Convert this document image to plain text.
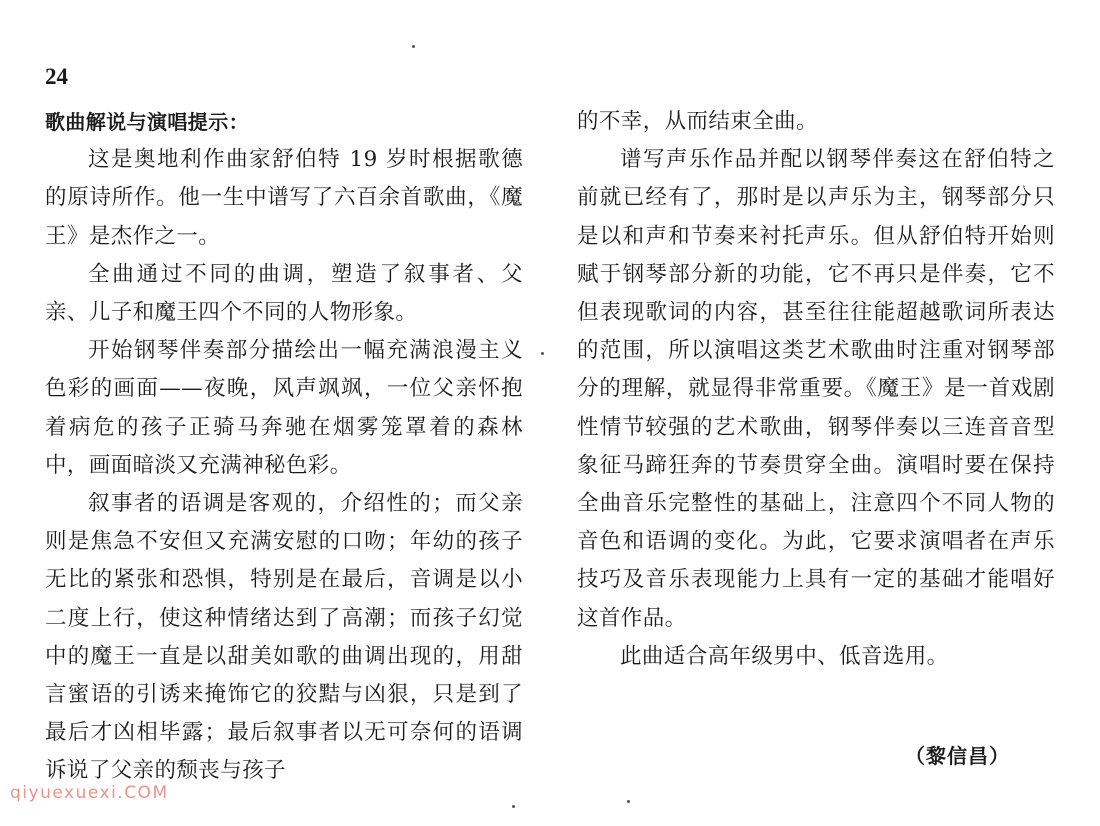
24

歌曲解说与演唱提示：

这是奥地利作曲家舒伯特 19 岁时根据歌德的原诗所作。他一生中谱写了六百余首歌曲，《魔王》是杰作之一。

全曲通过不同的曲调，塑造了叙事者、父亲、儿子和魔王四个不同的人物形象。

开始钢琴伴奏部分描绘出一幅充满浪漫主义色彩的画面——夜晚，风声飒飒，一位父亲怀抱着病危的孩子正骑马奔驰在烟雾笼罩着的森林中，画面暗淡又充满神秘色彩。

叙事者的语调是客观的，介绍性的；而父亲则是焦急不安但又充满安慰的口吻；年幼的孩子无比的紧张和恐惧，特别是在最后，音调是以小二度上行，使这种情绪达到了高潮；而孩子幻觉中的魔王一直是以甜美如歌的曲调出现的，用甜言蜜语的引诱来掩饰它的狡黠与凶狠，只是到了最后才凶相毕露；最后叙事者以无可奈何的语调诉说了父亲的颓丧与孩子

的不幸，从而结束全曲。

谱写声乐作品并配以钢琴伴奏这在舒伯特之前就已经有了，那时是以声乐为主，钢琴部分只是以和声和节奏来衬托声乐。但从舒伯特开始则赋于钢琴部分新的功能，它不再只是伴奏，它不但表现歌词的内容，甚至往往能超越歌词所表达的范围，所以演唱这类艺术歌曲时注重对钢琴部分的理解，就显得非常重要。《魔王》是一首戏剧性情节较强的艺术歌曲，钢琴伴奏以三连音音型象征马蹄狂奔的节奏贯穿全曲。演唱时要在保持全曲音乐完整性的基础上，注意四个不同人物的音色和语调的变化。为此，它要求演唱者在声乐技巧及音乐表现能力上具有一定的基础才能唱好这首作品。

此曲适合高年级男中、低音选用。

（黎信昌）
qiyuexuexi.COM
